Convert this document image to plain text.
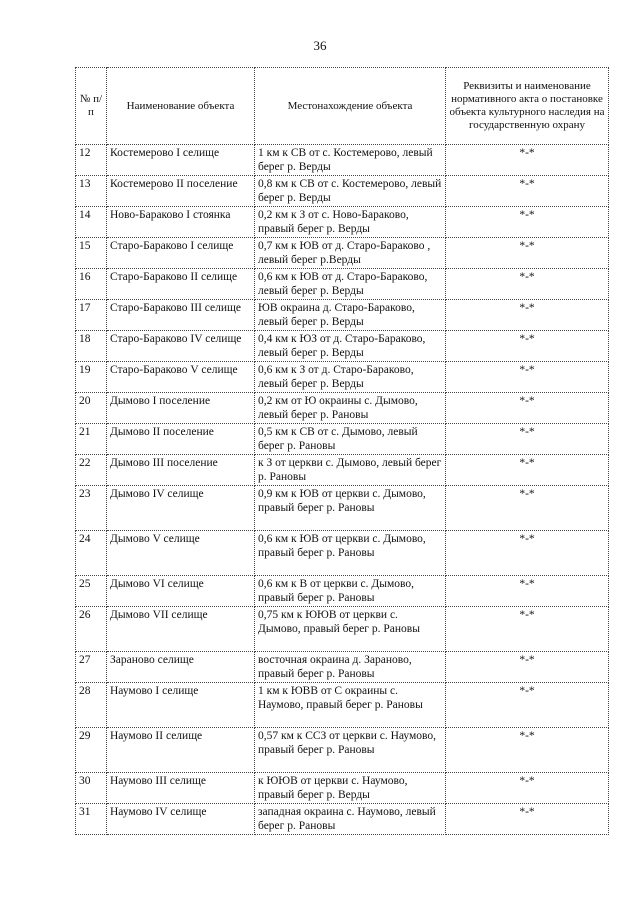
36
№ п/п	Наименование объекта	Местонахождение объекта	Реквизиты и наименование нормативного акта о постановке объекта культурного наследия на государственную охрану
12	Костемерово I селище	1 км к СВ от с. Костемерово, левый берег р. Верды	*-*
13	Костемерово II поселение	0,8 км к СВ от с. Костемерово, левый берег р. Верды	*-*
14	Ново-Бараково I стоянка	0,2 км к З от с. Ново-Бараково, правый берег р. Верды	*-*
15	Старо-Бараково I селище	0,7 км к ЮВ от д. Старо-Бараково , левый берег р.Верды	*-*
16	Старо-Бараково II селище	0,6 км к ЮВ от д. Старо-Бараково, левый берег р. Верды	*-*
17	Старо-Бараково III селище	ЮВ окраина д. Старо-Бараково, левый берег р. Верды	*-*
18	Старо-Бараково IV селище	0,4 км к ЮЗ от д. Старо-Бараково, левый берег р. Верды	*-*
19	Старо-Бараково V селище	0,6 км к З от д. Старо-Бараково, левый берег р. Верды	*-*
20	Дымово I поселение	0,2 км от Ю окраины с. Дымово, левый берег р. Рановы	*-*
21	Дымово II поселение	0,5 км к СВ от с. Дымово, левый берег р. Рановы	*-*
22	Дымово III поселение	к З от церкви с. Дымово, левый берег р. Рановы	*-*
23	Дымово IV селище	0,9 км к ЮВ от церкви с. Дымово, правый берег р. Рановы	*-*
24	Дымово V селище	0,6 км к ЮВ от церкви с. Дымово, правый берег р. Рановы	*-*
25	Дымово VI селище	0,6 км к В от церкви с. Дымово, правый берег р. Рановы	*-*
26	Дымово VII селище	0,75 км к ЮЮВ от церкви с. Дымово, правый берег р. Рановы	*-*
27	Зараново селище	восточная окраина д. Зараново, правый берег р. Рановы	*-*
28	Наумово I селище	1 км к ЮВВ от С окраины с. Наумово, правый берег р. Рановы	*-*
29	Наумово II селище	0,57 км к ССЗ от церкви с. Наумово, правый берег р. Рановы	*-*
30	Наумово III селище	к ЮЮВ от церкви с. Наумово, правый берег р. Верды	*-*
31	Наумово IV селище	западная окраина с. Наумово, левый берег р. Рановы	*-*
